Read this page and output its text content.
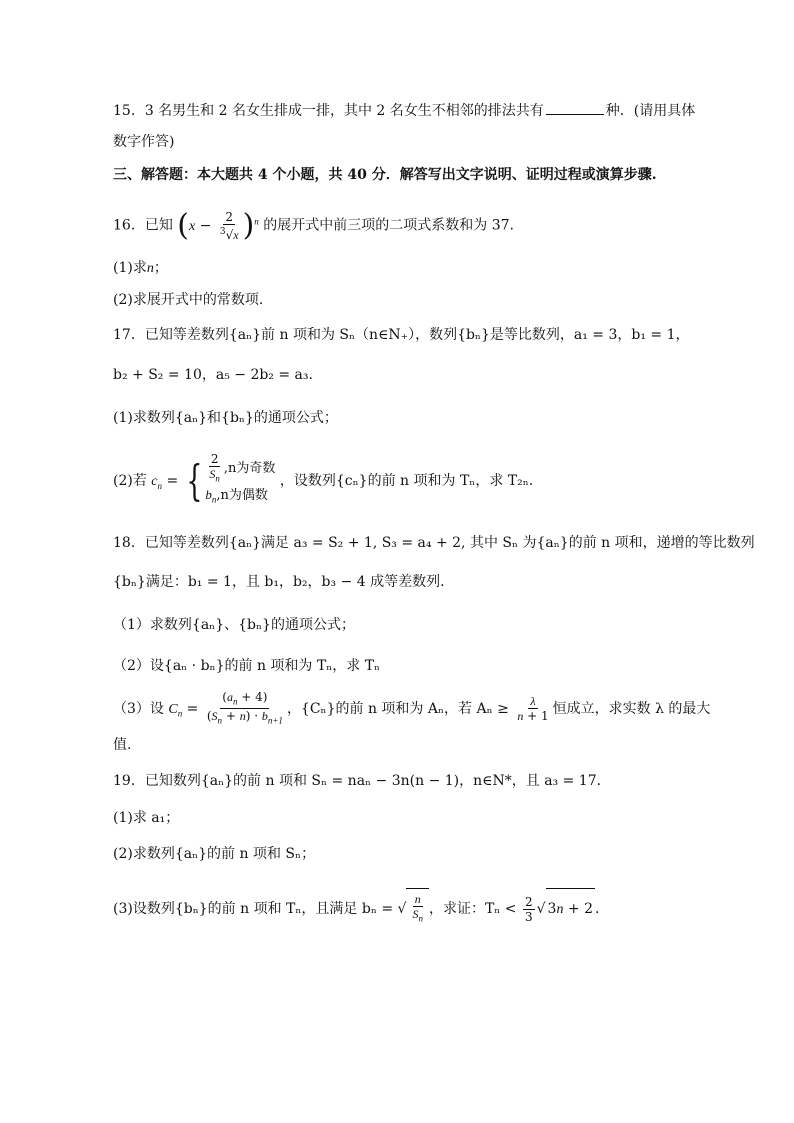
15．3 名男生和 2 名女生排成一排，其中 2 名女生不相邻的排法共有	种．(请用具体
数字作答)
三、解答题：本大题共 4 个小题，共 40 分．解答写出文字说明、证明过程或演算步骤.
16．已知 $(x - \frac{2}{^3√x} )^n$ 的展开式中前三项的二项式系数和为 37.
(1)求n；
(2)求展开式中的常数项.
17．已知等差数列{aₙ}前 n 项和为 Sₙ（n∈N₊），数列{bₙ}是等比数列，a₁ = 3，b₁ = 1，
b₂ + S₂ = 10，a₅ − 2b₂ = a₃.
(1)求数列{aₙ}和{bₙ}的通项公式；
(2)若 $c_n$ = { $\frac{2}{S_n} ,n$为奇数
$b_n,n$为偶数
，设数列{cₙ}的前 n 项和为 Tₙ，求 T₂ₙ.
18．已知等差数列{aₙ}满足 a₃ = S₂ + 1, S₃ = a₄ + 2, 其中 Sₙ 为{aₙ}的前 n 项和，递增的等比数列
{bₙ}满足：b₁ = 1，且 b₁，b₂，b₃ − 4 成等差数列．
（1）求数列{aₙ}、{bₙ}的通项公式；
（2）设{aₙ · bₙ}的前 n 项和为 Tₙ，求 Tₙ
（3）设 $C_n = \frac{(a_n + 4)}{(S_n + n) \cdot b_{n+1}}$ ，{Cₙ}的前 n 项和为 Aₙ，若 $A_n \ge \frac{\lambda}{n + 1}$ 恒成立，求实数 λ 的最大
值.
19．已知数列{aₙ}的前 n 项和 Sₙ = naₙ − 3n(n − 1)，n∈N*，且 a₃ = 17．
(1)求 a₁；
(2)求数列{aₙ}的前 n 项和 Sₙ；
(3)设数列{bₙ}的前 n 项和 Tₙ，且满足 bₙ = √ $\frac{n}{S_n}$ ，求证：$T_n < \frac{2}{3}$ √ 3n + 2 .
